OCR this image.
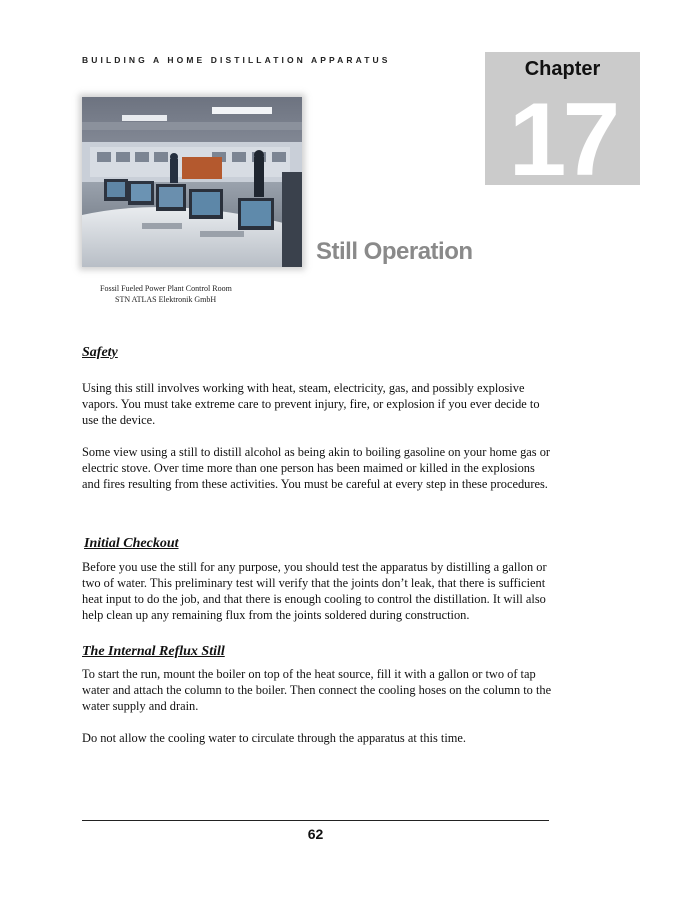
BUILDING A HOME DISTILLATION APPARATUS
17
Chapter
Still Operation
Fossil Fueled Power Plant Control Room
STN ATLAS Elektronik GmbH
Safety
Using this still involves working with heat, steam, electricity, gas, and possibly explosive vapors. You must take extreme care to prevent injury, fire, or explosion if you ever decide to use the device.
Some view using a still to distill alcohol as being akin to boiling gasoline on your home gas or electric stove. Over time more than one person has been maimed or killed in the explosions and fires resulting from these activities. You must be careful at every step in these procedures.
Initial Checkout
Before you use the still for any purpose, you should test the apparatus by distilling a gallon or two of water. This preliminary test will verify that the joints don’t leak, that there is sufficient heat input to do the job, and that there is enough cooling to control the distillation. It will also help clean up any remaining flux from the joints soldered during construction.
The Internal Reflux Still
To start the run, mount the boiler on top of the heat source, fill it with a gallon or two of tap water and attach the column to the boiler. Then connect the cooling hoses on the column to the water supply and drain.
Do not allow the cooling water to circulate through the apparatus at this time.
62
